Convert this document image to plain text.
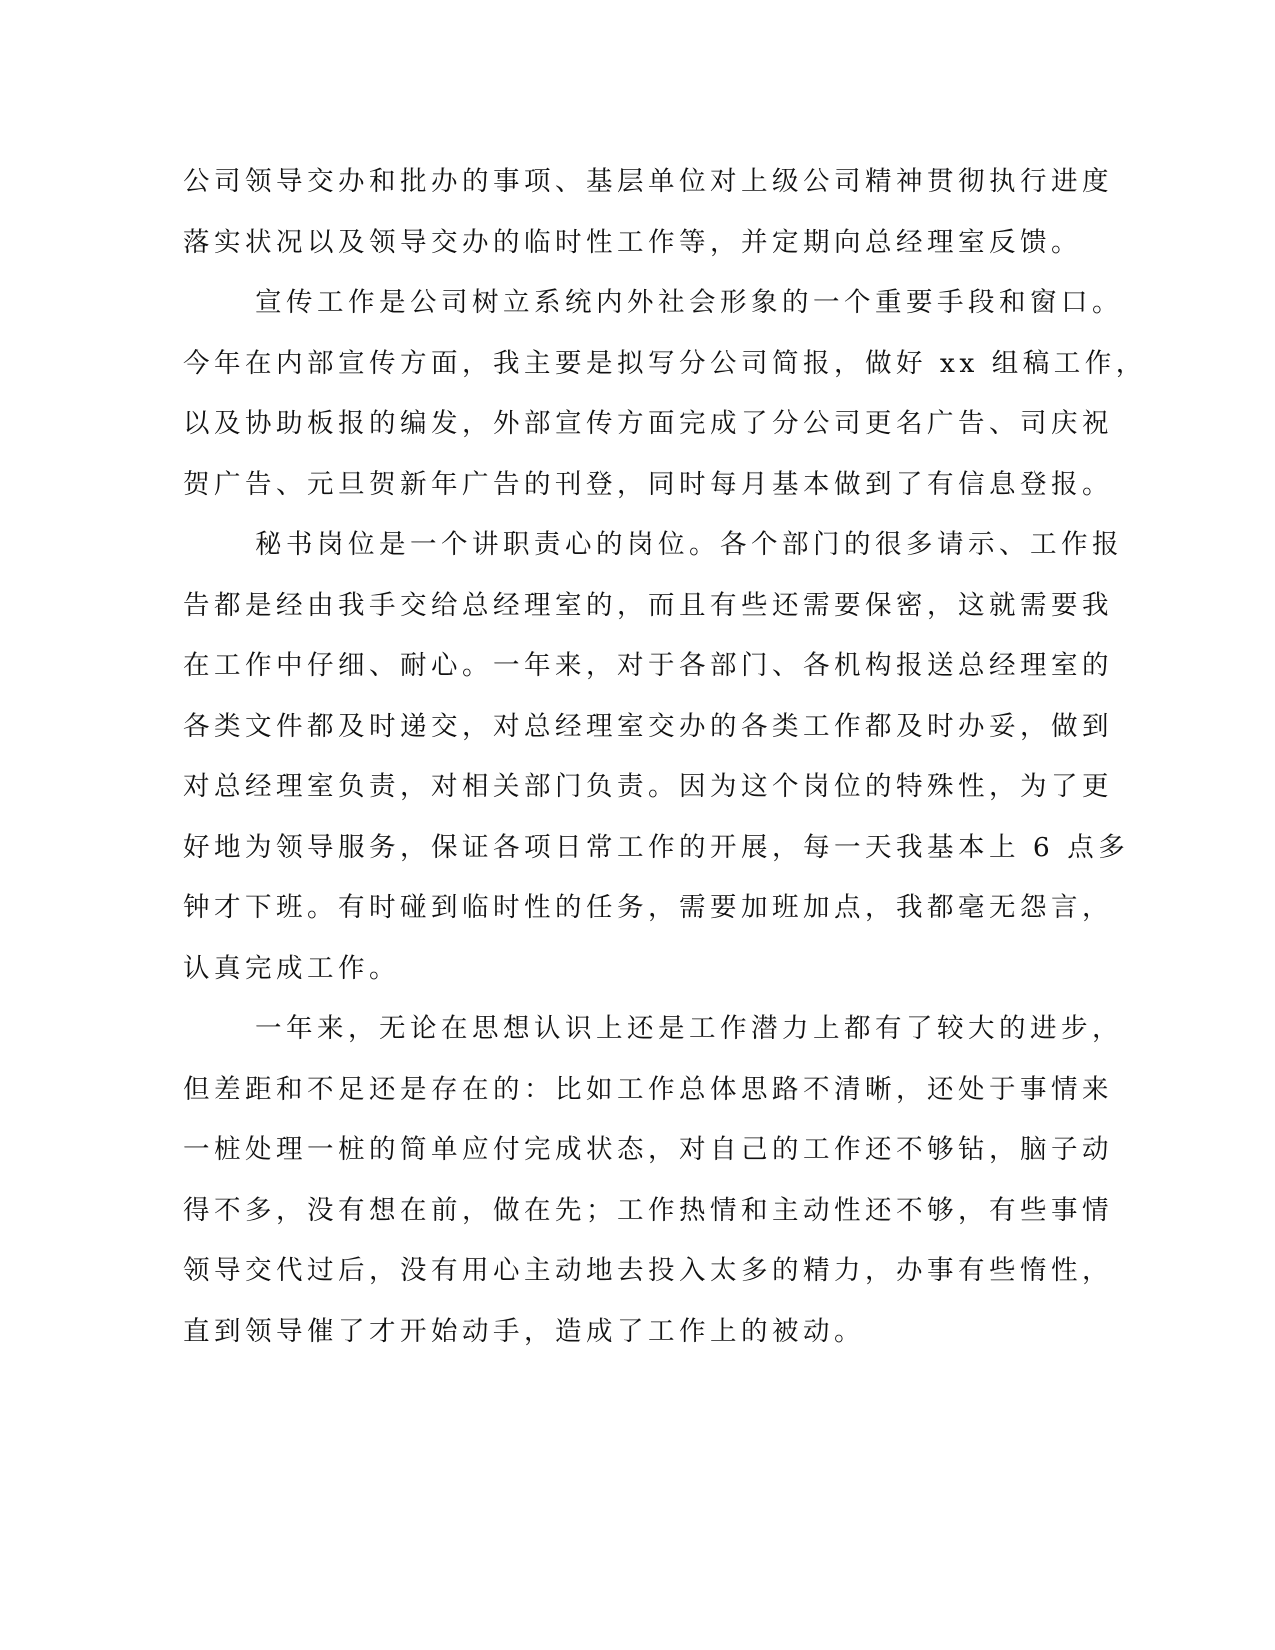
公司领导交办和批办的事项、基层单位对上级公司精神贯彻执行进度
落实状况以及领导交办的临时性工作等，并定期向总经理室反馈。
宣传工作是公司树立系统内外社会形象的一个重要手段和窗口。
今年在内部宣传方面，我主要是拟写分公司简报，做好 xx 组稿工作，
以及协助板报的编发，外部宣传方面完成了分公司更名广告、司庆祝
贺广告、元旦贺新年广告的刊登，同时每月基本做到了有信息登报。
秘书岗位是一个讲职责心的岗位。各个部门的很多请示、工作报
告都是经由我手交给总经理室的，而且有些还需要保密，这就需要我
在工作中仔细、耐心。一年来，对于各部门、各机构报送总经理室的
各类文件都及时递交，对总经理室交办的各类工作都及时办妥，做到
对总经理室负责，对相关部门负责。因为这个岗位的特殊性，为了更
好地为领导服务，保证各项日常工作的开展，每一天我基本上 6 点多
钟才下班。有时碰到临时性的任务，需要加班加点，我都毫无怨言，
认真完成工作。
一年来，无论在思想认识上还是工作潜力上都有了较大的进步，
但差距和不足还是存在的：比如工作总体思路不清晰，还处于事情来
一桩处理一桩的简单应付完成状态，对自己的工作还不够钻，脑子动
得不多，没有想在前，做在先；工作热情和主动性还不够，有些事情
领导交代过后，没有用心主动地去投入太多的精力，办事有些惰性，
直到领导催了才开始动手，造成了工作上的被动。
